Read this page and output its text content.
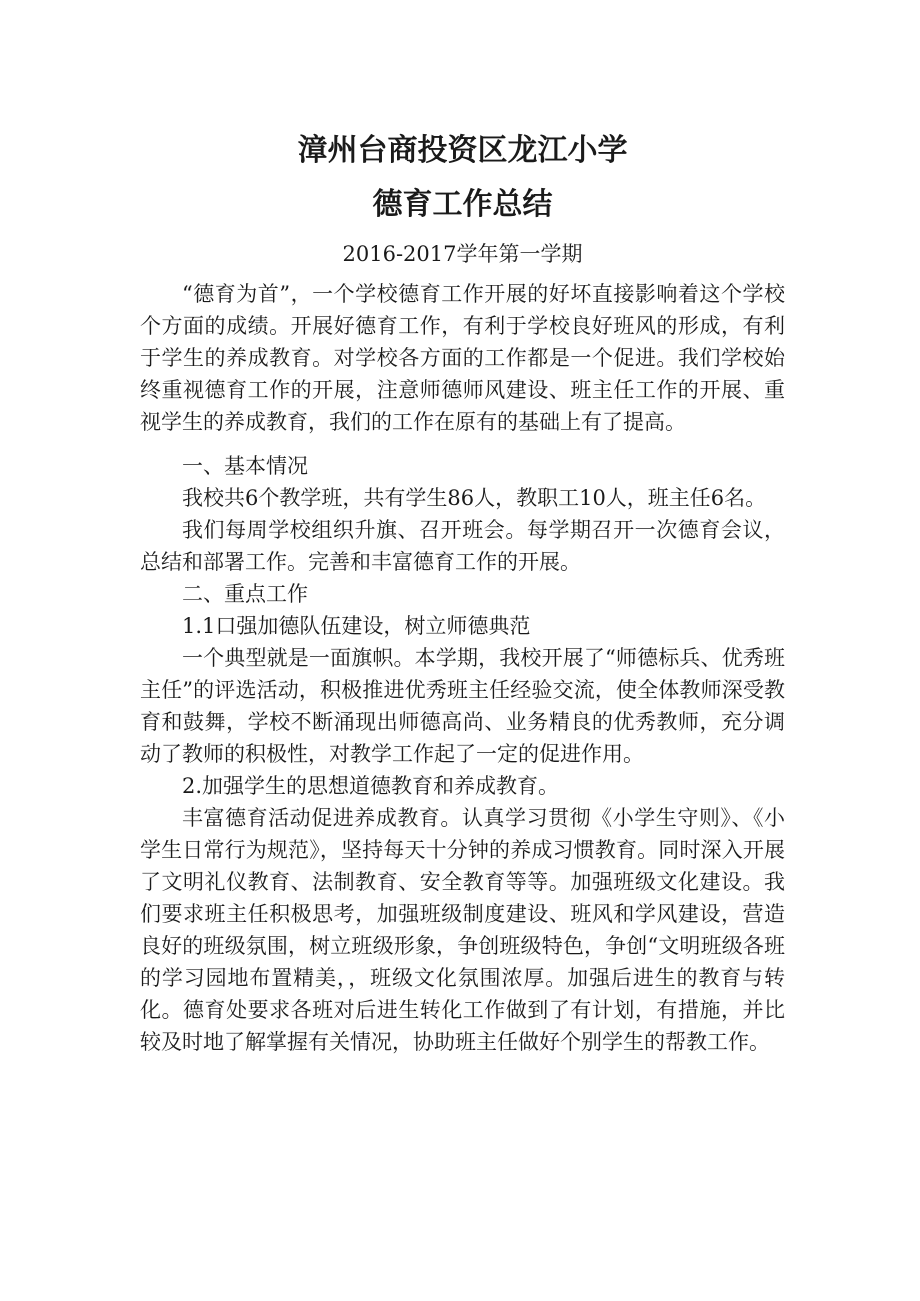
漳州台商投资区龙江小学
德育工作总结

2016-2017学年第一学期

“德育为首”，一个学校德育工作开展的好坏直接影响着这个学校个方面的成绩。开展好德育工作，有利于学校良好班风的形成，有利于学生的养成教育。对学校各方面的工作都是一个促进。我们学校始终重视德育工作的开展，注意师德师风建设、班主任工作的开展、重视学生的养成教育，我们的工作在原有的基础上有了提高。

一、基本情况

我校共6个教学班，共有学生86人，教职工10人，班主任6名。

我们每周学校组织升旗、召开班会。每学期召开一次德育会议，总结和部署工作。完善和丰富德育工作的开展。

二、重点工作

1.1口强加德队伍建设，树立师德典范

一个典型就是一面旗帜。本学期，我校开展了“师德标兵、优秀班主任”的评选活动，积极推进优秀班主任经验交流，使全体教师深受教育和鼓舞，学校不断涌现出师德高尚、业务精良的优秀教师，充分调动了教师的积极性，对教学工作起了一定的促进作用。

2.加强学生的思想道德教育和养成教育。

丰富德育活动促进养成教育。认真学习贯彻《小学生守则》、《小学生日常行为规范》，坚持每天十分钟的养成习惯教育。同时深入开展了文明礼仪教育、法制教育、安全教育等等。加强班级文化建设。我们要求班主任积极思考，加强班级制度建设、班风和学风建设，营造良好的班级氛围，树立班级形象，争创班级特色，争创“文明班级各班的学习园地布置精美，，班级文化氛围浓厚。加强后进生的教育与转化。德育处要求各班对后进生转化工作做到了有计划，有措施，并比较及时地了解掌握有关情况，协助班主任做好个别学生的帮教工作。
